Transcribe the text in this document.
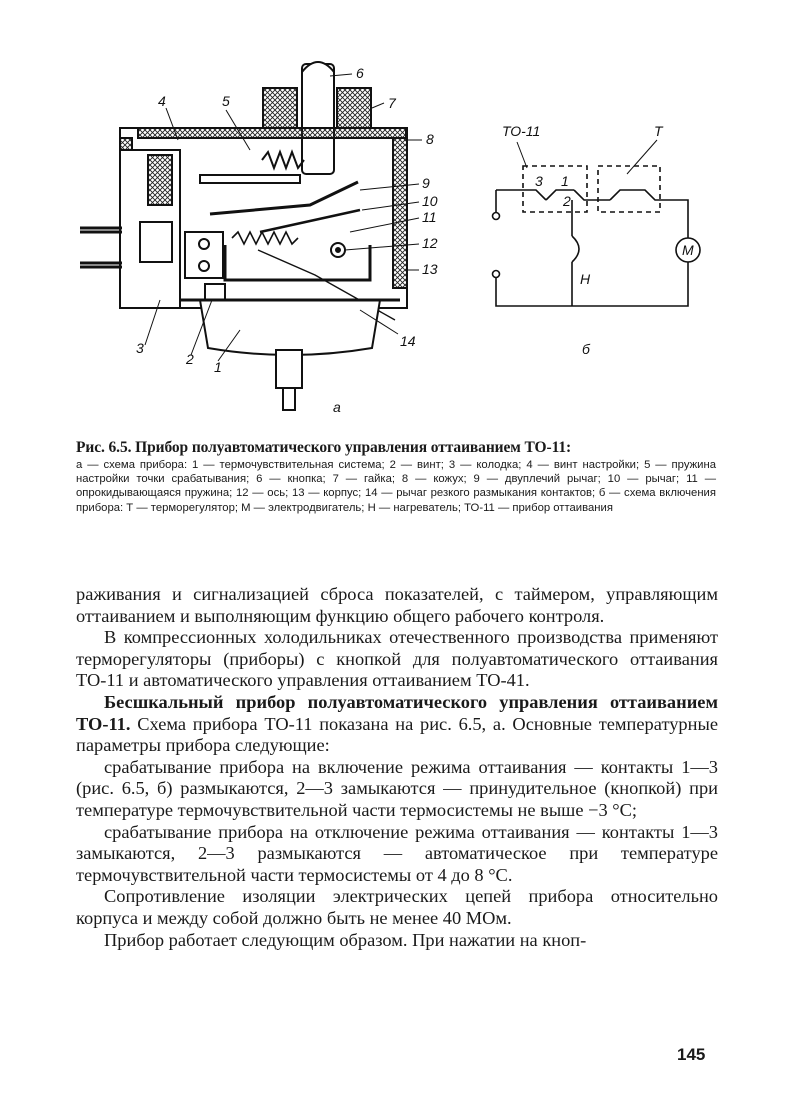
4	5
6
7
8
9
10
11
12
13
14
3
2 1
а
ТО-11	Т
3 1
2
М
Н
б

Рис. 6.5. Прибор полуавтоматического управления оттаиванием ТО-11:

а — схема прибора: 1 — термочувствительная система; 2 — винт; 3 — колодка; 4 — винт настройки; 5 — пружина настройки точки срабатывания; 6 — кнопка; 7 — гайка; 8 — кожух; 9 — двуплечий рычаг; 10 — рычаг; 11 — опрокидывающаяся пружина; 12 — ось; 13 — корпус; 14 — рычаг резкого размыкания контактов; б — схема включения прибора: Т — терморегулятор; М — электродвигатель; Н — нагреватель; ТО-11 — прибор оттаивания

раживания и сигнализацией сброса показателей, с таймером, управляющим оттаиванием и выполняющим функцию общего рабочего контроля.

В компрессионных холодильниках отечественного производства применяют терморегуляторы (приборы) с кнопкой для полуавтоматического оттаивания ТО-11 и автоматического управления оттаиванием ТО-41.

Бесшкальный прибор полуавтоматического управления оттаиванием ТО-11. Схема прибора ТО-11 показана на рис. 6.5, а. Основные температурные параметры прибора следующие:

срабатывание прибора на включение режима оттаивания — контакты 1—3 (рис. 6.5, б) размыкаются, 2—3 замыкаются — принудительное (кнопкой) при температуре термочувствительной части термосистемы не выше −3 °С;

срабатывание прибора на отключение режима оттаивания — контакты 1—3 замыкаются, 2—3 размыкаются — автоматическое при температуре термочувствительной части термосистемы от 4 до 8 °С.

Сопротивление изоляции электрических цепей прибора относительно корпуса и между собой должно быть не менее 40 МОм.

Прибор работает следующим образом. При нажатии на кноп-

145
